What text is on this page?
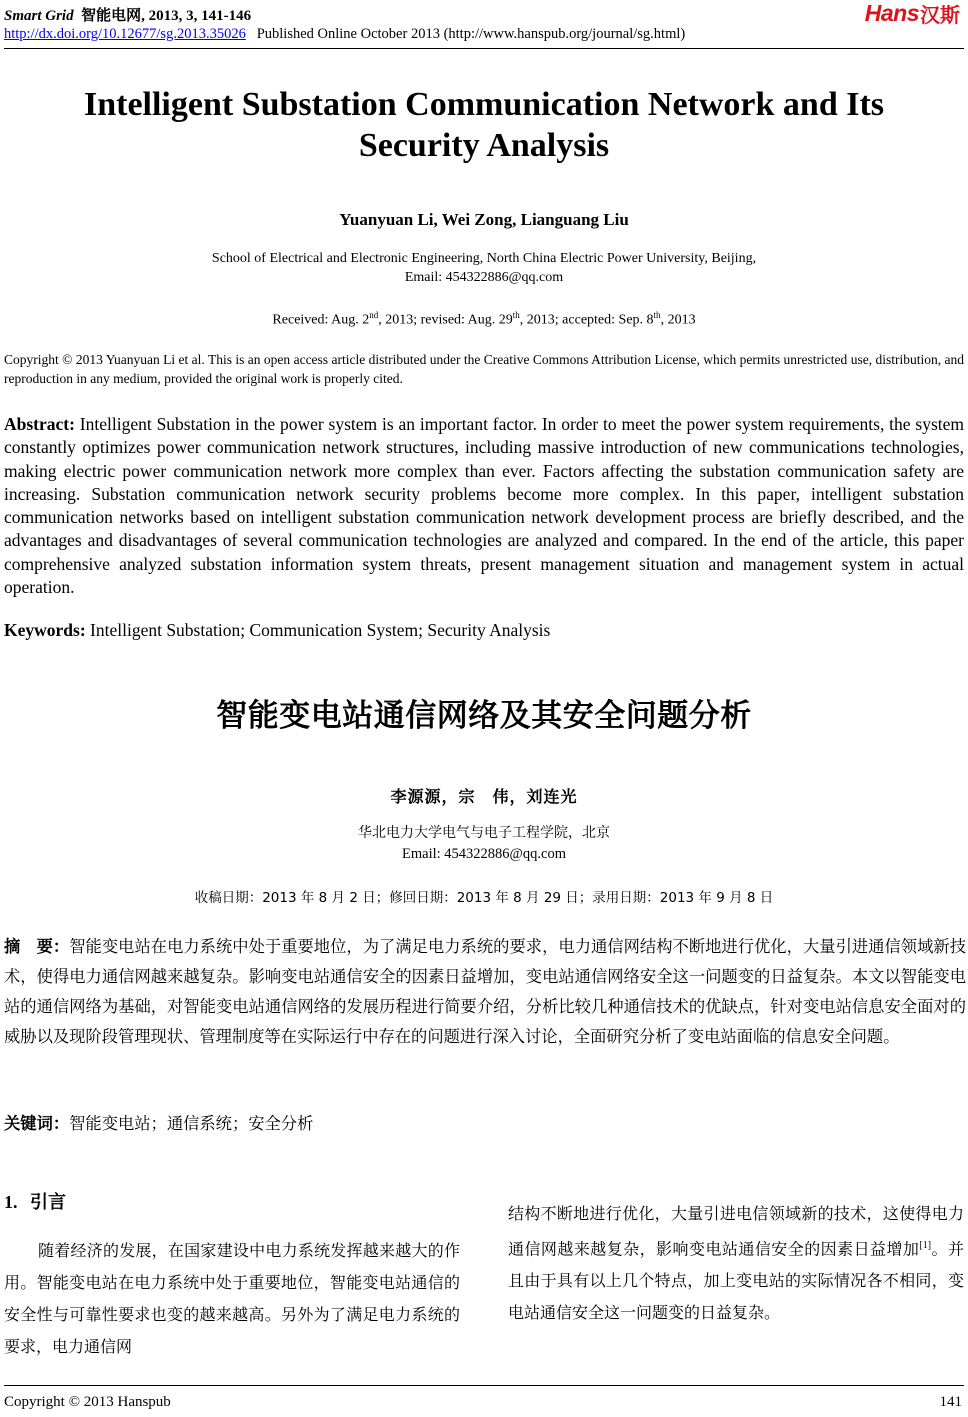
Smart Grid 智能电网, 2013, 3, 141-146
http://dx.doi.org/10.12677/sg.2013.35026 Published Online October 2013 (http://www.hanspub.org/journal/sg.html)
Hans 汉斯
Intelligent Substation Communication Network and Its Security Analysis
Yuanyuan Li, Wei Zong, Lianguang Liu
School of Electrical and Electronic Engineering, North China Electric Power University, Beijing,
Email: 454322886@qq.com
Received: Aug. 2nd, 2013; revised: Aug. 29th, 2013; accepted: Sep. 8th, 2013
Copyright © 2013 Yuanyuan Li et al. This is an open access article distributed under the Creative Commons Attribution License, which permits unrestricted use, distribution, and reproduction in any medium, provided the original work is properly cited.
Abstract: Intelligent Substation in the power system is an important factor. In order to meet the power system requirements, the system constantly optimizes power communication network structures, including massive introduction of new communications technologies, making electric power communication network more complex than ever. Factors affecting the substation communication safety are increasing. Substation communication network security problems become more complex. In this paper, intelligent substation communication networks based on intelligent substation communication network development process are briefly described, and the advantages and disadvantages of several communication technologies are analyzed and compared. In the end of the article, this paper comprehensive analyzed substation information system threats, present management situation and management system in actual operation.
Keywords: Intelligent Substation; Communication System; Security Analysis
智能变电站通信网络及其安全问题分析
李源源，宗　伟，刘连光
华北电力大学电气与电子工程学院，北京
Email: 454322886@qq.com
收稿日期：2013 年 8 月 2 日；修回日期：2013 年 8 月 29 日；录用日期：2013 年 9 月 8 日
摘　要：智能变电站在电力系统中处于重要地位，为了满足电力系统的要求，电力通信网结构不断地进行优化，大量引进通信领域新技术，使得电力通信网越来越复杂。影响变电站通信安全的因素日益增加，变电站通信网络安全这一问题变的日益复杂。本文以智能变电站的通信网络为基础，对智能变电站通信网络的发展历程进行简要介绍，分析比较几种通信技术的优缺点，针对变电站信息安全面对的威胁以及现阶段管理现状、管理制度等在实际运行中存在的问题进行深入讨论，全面研究分析了变电站面临的信息安全问题。
关键词：智能变电站；通信系统；安全分析
1. 引言
随着经济的发展，在国家建设中电力系统发挥越来越大的作用。智能变电站在电力系统中处于重要地位，智能变电站通信的安全性与可靠性要求也变的越来越高。另外为了满足电力系统的要求，电力通信网
结构不断地进行优化，大量引进电信领域新的技术，这使得电力通信网越来越复杂，影响变电站通信安全的因素日益增加[1]。并且由于具有以上几个特点，加上变电站的实际情况各不相同，变电站通信安全这一问题变的日益复杂。
Copyright © 2013 Hanspub	141
